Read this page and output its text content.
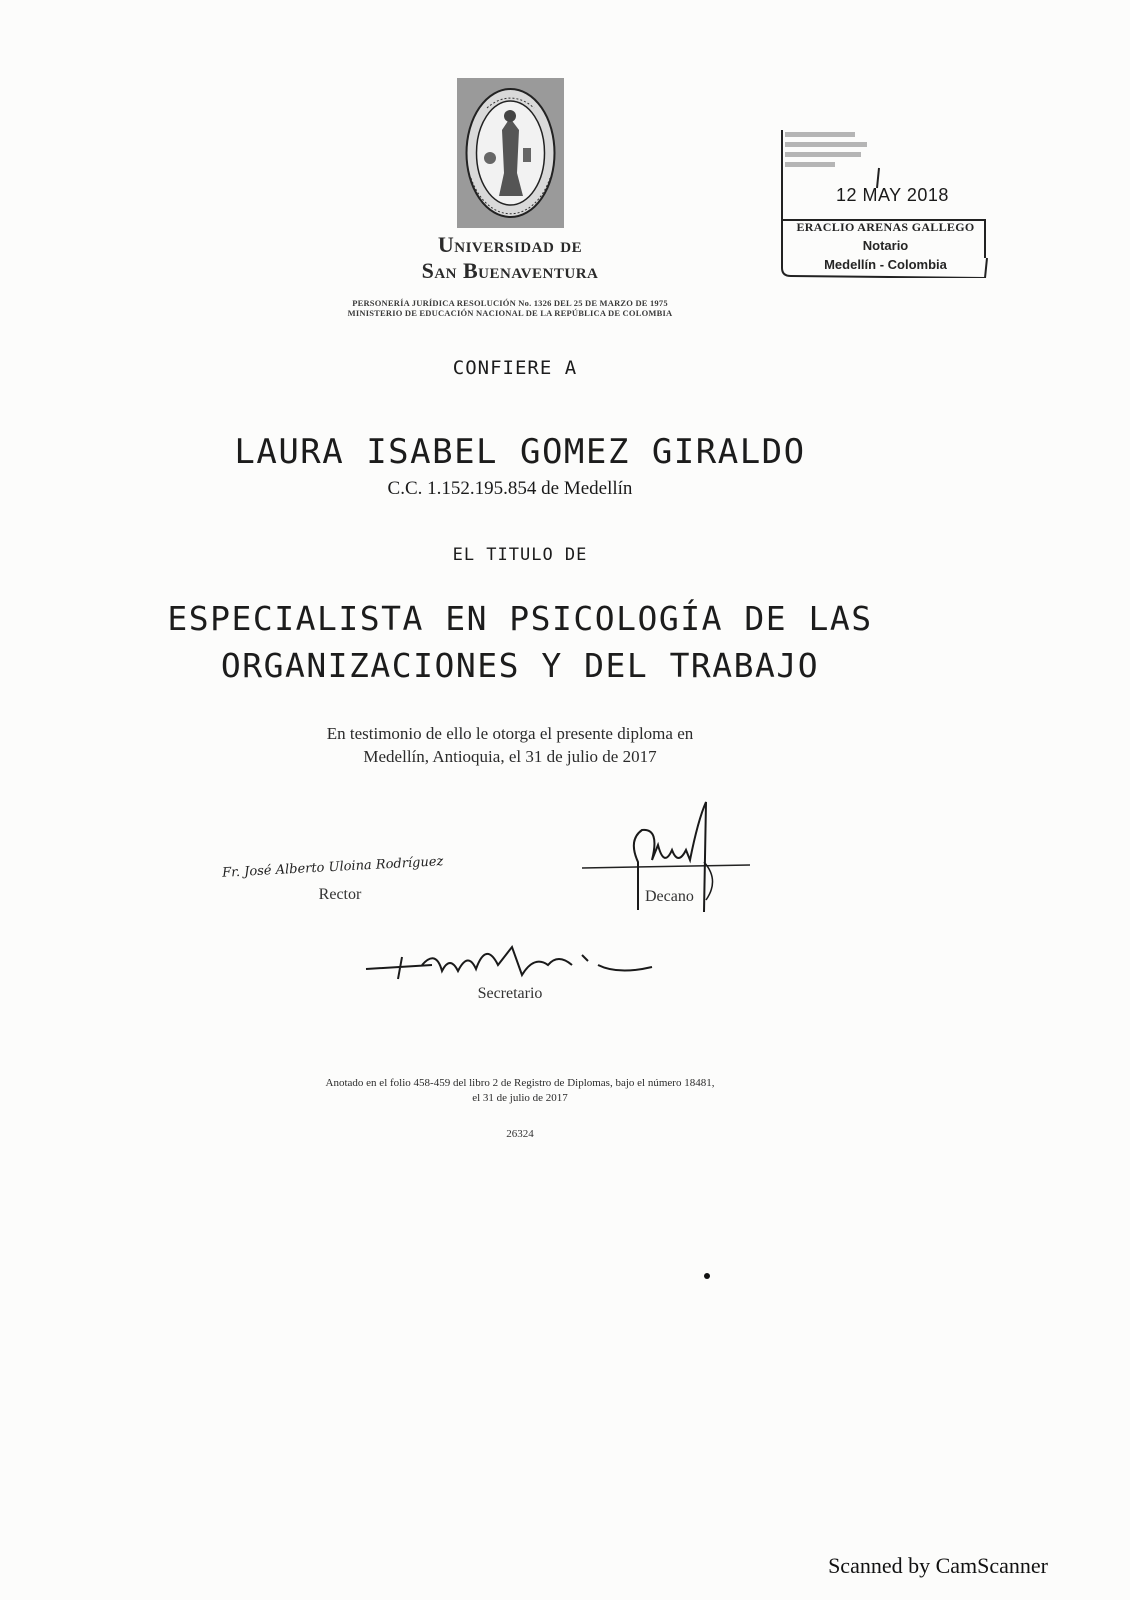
Universidad de
San Buenaventura
PERSONERÍA JURÍDICA RESOLUCIÓN No. 1326 DEL 25 DE MARZO DE 1975
MINISTERIO DE EDUCACIÓN NACIONAL DE LA REPÚBLICA DE COLOMBIA
12 MAY 2018
ERACLIO ARENAS GALLEGO
Notario
Medellín - Colombia
CONFIERE A
LAURA ISABEL GOMEZ GIRALDO
C.C. 1.152.195.854 de Medellín
EL TITULO DE
ESPECIALISTA EN PSICOLOGÍA DE LAS
ORGANIZACIONES Y DEL TRABAJO
En testimonio de ello le otorga el presente diploma en
Medellín, Antioquia, el 31 de julio de 2017
Fr. José Alberto Uloina Rodríguez
Rector	Decano
Secretario
Anotado en el folio 458-459 del libro 2 de Registro de Diplomas, bajo el número 18481,
el 31 de julio de 2017
26324
Scanned by CamScanner
